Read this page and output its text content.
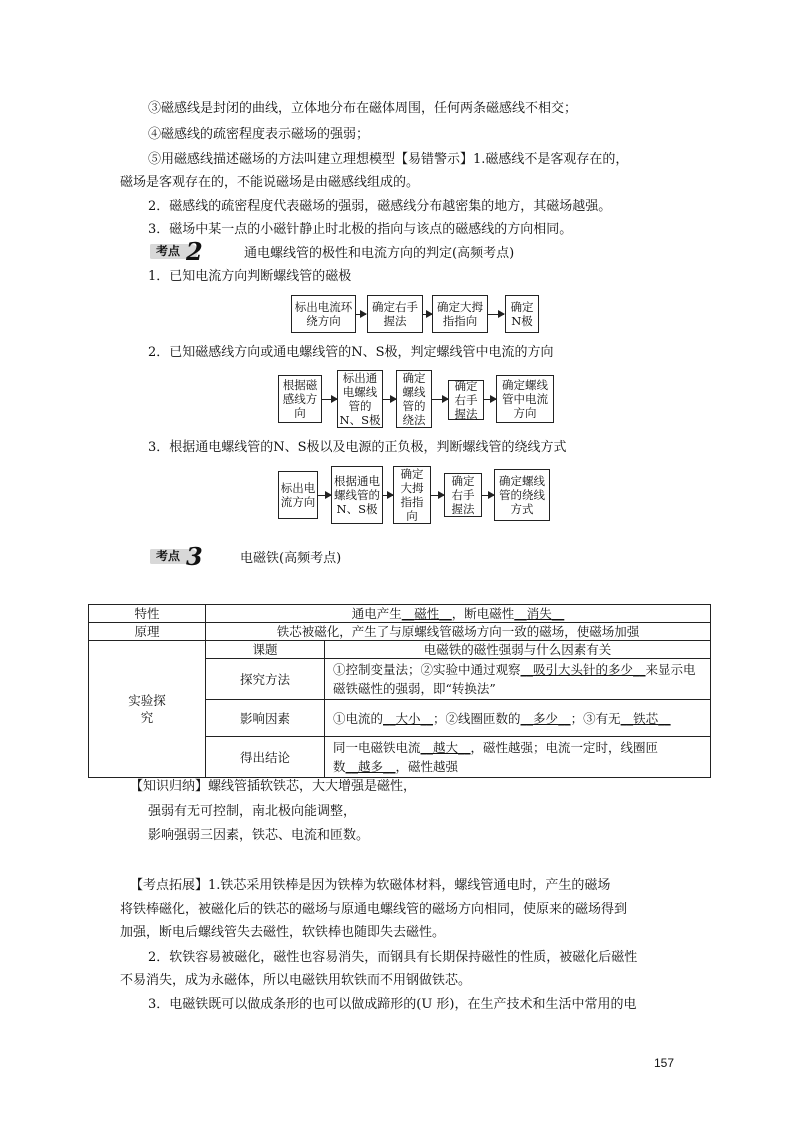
③磁感线是封闭的曲线，立体地分布在磁体周围，任何两条磁感线不相交；
④磁感线的疏密程度表示磁场的强弱；
⑤用磁感线描述磁场的方法叫建立理想模型【易错警示】1.磁感线不是客观存在的，
磁场是客观存在的，不能说磁场是由磁感线组成的。
2．磁感线的疏密程度代表磁场的强弱，磁感线分布越密集的地方，其磁场越强。
3．磁场中某一点的小磁针静止时北极的指向与该点的磁感线的方向相同。
考点 2	通电螺线管的极性和电流方向的判定(高频考点)
1．已知电流方向判断螺线管的磁极
标出电流环绕方向
确定右手握法
确定大拇指指向
确定N极
2．已知磁感线方向或通电螺线管的N、S极，判定螺线管中电流的方向
根据磁感线方向
标出通电螺线管的N、S极
确定螺线管的绕法
确定右手握法
确定螺线管中电流方向
3．根据通电螺线管的N、S极以及电源的正负极，判断螺线管的绕线方式
标出电流方向
根据通电螺线管的N、S极
确定大拇指指向
确定右手握法
确定螺线管的绕线方式
考点 3	电磁铁(高频考点)
特性	通电产生__磁性__，断电磁性__消失__	
原理	铁芯被磁化，产生了与原螺线管磁场方向一致的磁场，使磁场加强	

实验探究	课题	电磁铁的磁性强弱与什么因素有关
	探究方法	①控制变量法；②实验中通过观察__吸引大头针的多少__来显示电磁铁磁性的强弱，即“转换法”
	影响因素	①电流的__大小__；②线圈匝数的__多少__；③有无__铁芯__
	得出结论	同一电磁铁电流__越大__，磁性越强；电流一定时，线圈匝
数__越多__，磁性越强
【知识归纳】螺线管插软铁芯，大大增强是磁性，
强弱有无可控制，南北极向能调整，
影响强弱三因素，铁芯、电流和匝数。
【考点拓展】1.铁芯采用铁棒是因为铁棒为软磁体材料，螺线管通电时，产生的磁场
将铁棒磁化，被磁化后的铁芯的磁场与原通电螺线管的磁场方向相同，使原来的磁场得到
加强，断电后螺线管失去磁性，软铁棒也随即失去磁性。
2．软铁容易被磁化，磁性也容易消失，而钢具有长期保持磁性的性质，被磁化后磁性
不易消失，成为永磁体，所以电磁铁用软铁而不用钢做铁芯。
3．电磁铁既可以做成条形的也可以做成蹄形的(U 形)，在生产技术和生活中常用的电
157
